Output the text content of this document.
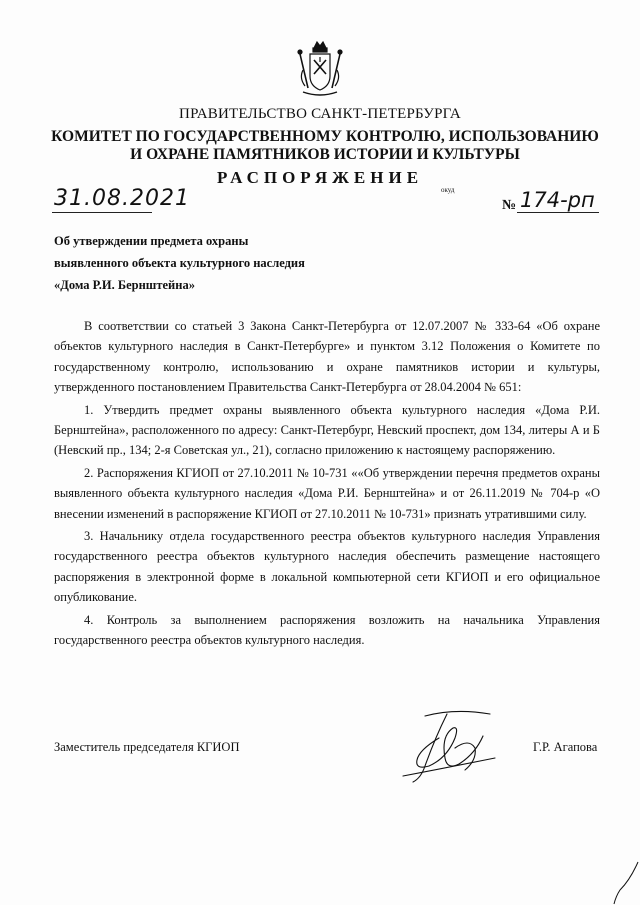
ПРАВИТЕЛЬСТВО САНКТ-ПЕТЕРБУРГА
КОМИТЕТ ПО ГОСУДАРСТВЕННОМУ КОНТРОЛЮ, ИСПОЛЬЗОВАНИЮ
И ОХРАНЕ ПАМЯТНИКОВ ИСТОРИИ И КУЛЬТУРЫ
РАСПОРЯЖЕНИЕ
окуд
31.08.2021	№ 174-рп
Об утверждении предмета охраны
выявленного объекта культурного наследия
«Дома Р.И. Бернштейна»

В соответствии со статьей 3 Закона Санкт-Петербурга от 12.07.2007 № 333-64 «Об охране объектов культурного наследия в Санкт-Петербурге» и пунктом 3.12 Положения о Комитете по государственному контролю, использованию и охране памятников истории и культуры, утвержденного постановлением Правительства Санкт-Петербурга от 28.04.2004 № 651:

1. Утвердить предмет охраны выявленного объекта культурного наследия «Дома Р.И. Бернштейна», расположенного по адресу: Санкт-Петербург, Невский проспект, дом 134, литеры А и Б (Невский пр., 134; 2-я Советская ул., 21), согласно приложению к настоящему распоряжению.

2. Распоряжения КГИОП от 27.10.2011 № 10-731 ««Об утверждении перечня предметов охраны выявленного объекта культурного наследия «Дома Р.И. Бернштейна» и от 26.11.2019 № 704-р «О внесении изменений в распоряжение КГИОП от 27.10.2011 № 10-731» признать утратившими силу.

3. Начальнику отдела государственного реестра объектов культурного наследия Управления государственного реестра объектов культурного наследия обеспечить размещение настоящего распоряжения в электронной форме в локальной компьютерной сети КГИОП и его официальное опубликование.

4. Контроль за выполнением распоряжения возложить на начальника Управления государственного реестра объектов культурного наследия.

Заместитель председателя КГИОП	Г.Р. Агапова
